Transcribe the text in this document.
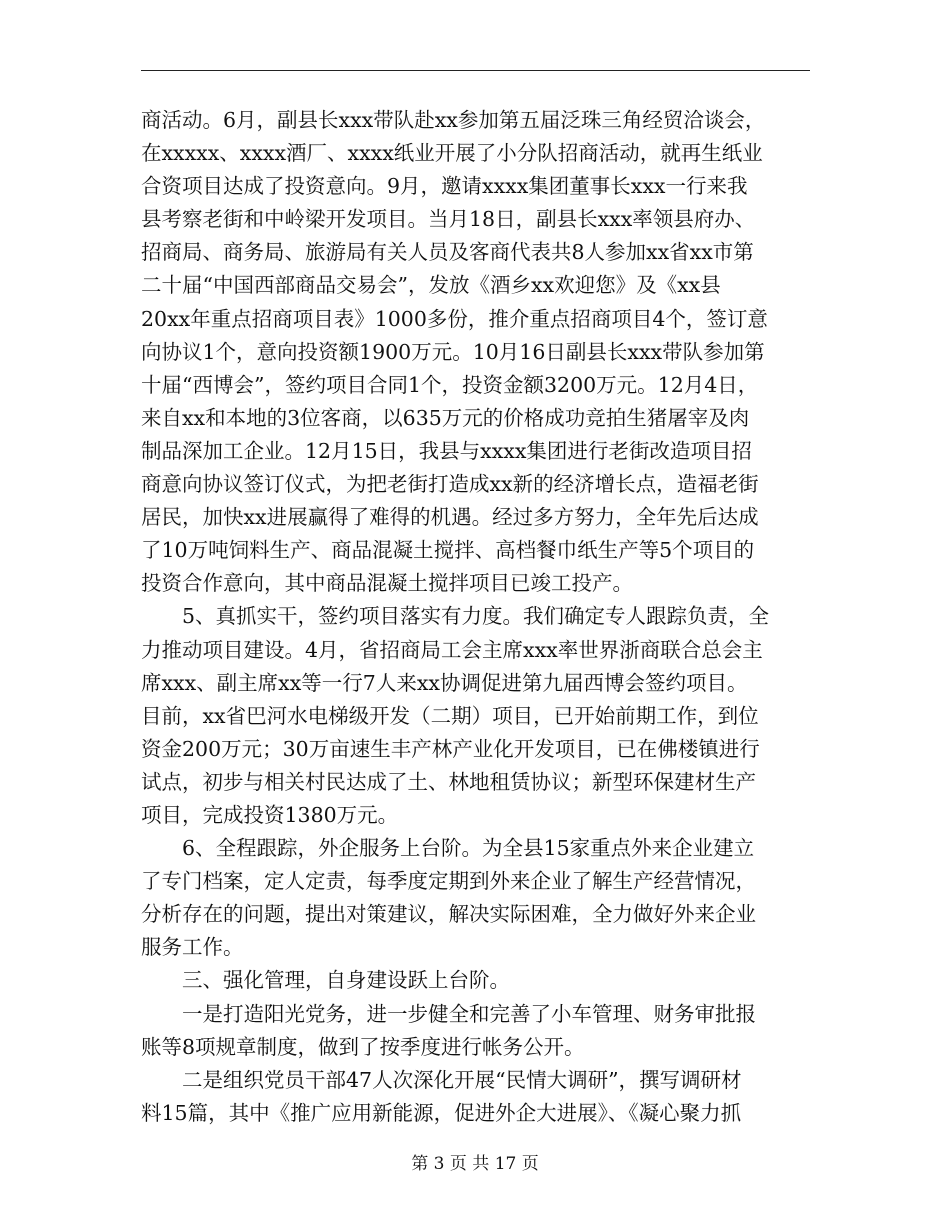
商活动。6月，副县长xxx带队赴xx参加第五届泛珠三角经贸洽谈会，
在xxxxx、xxxx酒厂、xxxx纸业开展了小分队招商活动，就再生纸业
合资项目达成了投资意向。9月，邀请xxxx集团董事长xxx一行来我
县考察老街和中岭梁开发项目。当月18日，副县长xxx率领县府办、
招商局、商务局、旅游局有关人员及客商代表共8人参加xx省xx市第
二十届“中国西部商品交易会”，发放《酒乡xx欢迎您》及《xx县
20xx年重点招商项目表》1000多份，推介重点招商项目4个，签订意
向协议1个，意向投资额1900万元。10月16日副县长xxx带队参加第
十届“西博会”，签约项目合同1个，投资金额3200万元。12月4日，
来自xx和本地的3位客商，以635万元的价格成功竞拍生猪屠宰及肉
制品深加工企业。12月15日，我县与xxxx集团进行老街改造项目招
商意向协议签订仪式，为把老街打造成xx新的经济增长点，造福老街
居民，加快xx进展赢得了难得的机遇。经过多方努力，全年先后达成
了10万吨饲料生产、商品混凝土搅拌、高档餐巾纸生产等5个项目的
投资合作意向，其中商品混凝土搅拌项目已竣工投产。
5、真抓实干，签约项目落实有力度。我们确定专人跟踪负责，全
力推动项目建设。4月，省招商局工会主席xxx率世界浙商联合总会主
席xxx、副主席xx等一行7人来xx协调促进第九届西博会签约项目。
目前，xx省巴河水电梯级开发（二期）项目，已开始前期工作，到位
资金200万元；30万亩速生丰产林产业化开发项目，已在佛楼镇进行
试点，初步与相关村民达成了土、林地租赁协议；新型环保建材生产
项目，完成投资1380万元。
6、全程跟踪，外企服务上台阶。为全县15家重点外来企业建立
了专门档案，定人定责，每季度定期到外来企业了解生产经营情况，
分析存在的问题，提出对策建议，解决实际困难，全力做好外来企业
服务工作。
三、强化管理，自身建设跃上台阶。
一是打造阳光党务，进一步健全和完善了小车管理、财务审批报
账等8项规章制度，做到了按季度进行帐务公开。
二是组织党员干部47人次深化开展“民情大调研”，撰写调研材
料15篇，其中《推广应用新能源，促进外企大进展》、《凝心聚力抓
第 3 页 共 17 页
